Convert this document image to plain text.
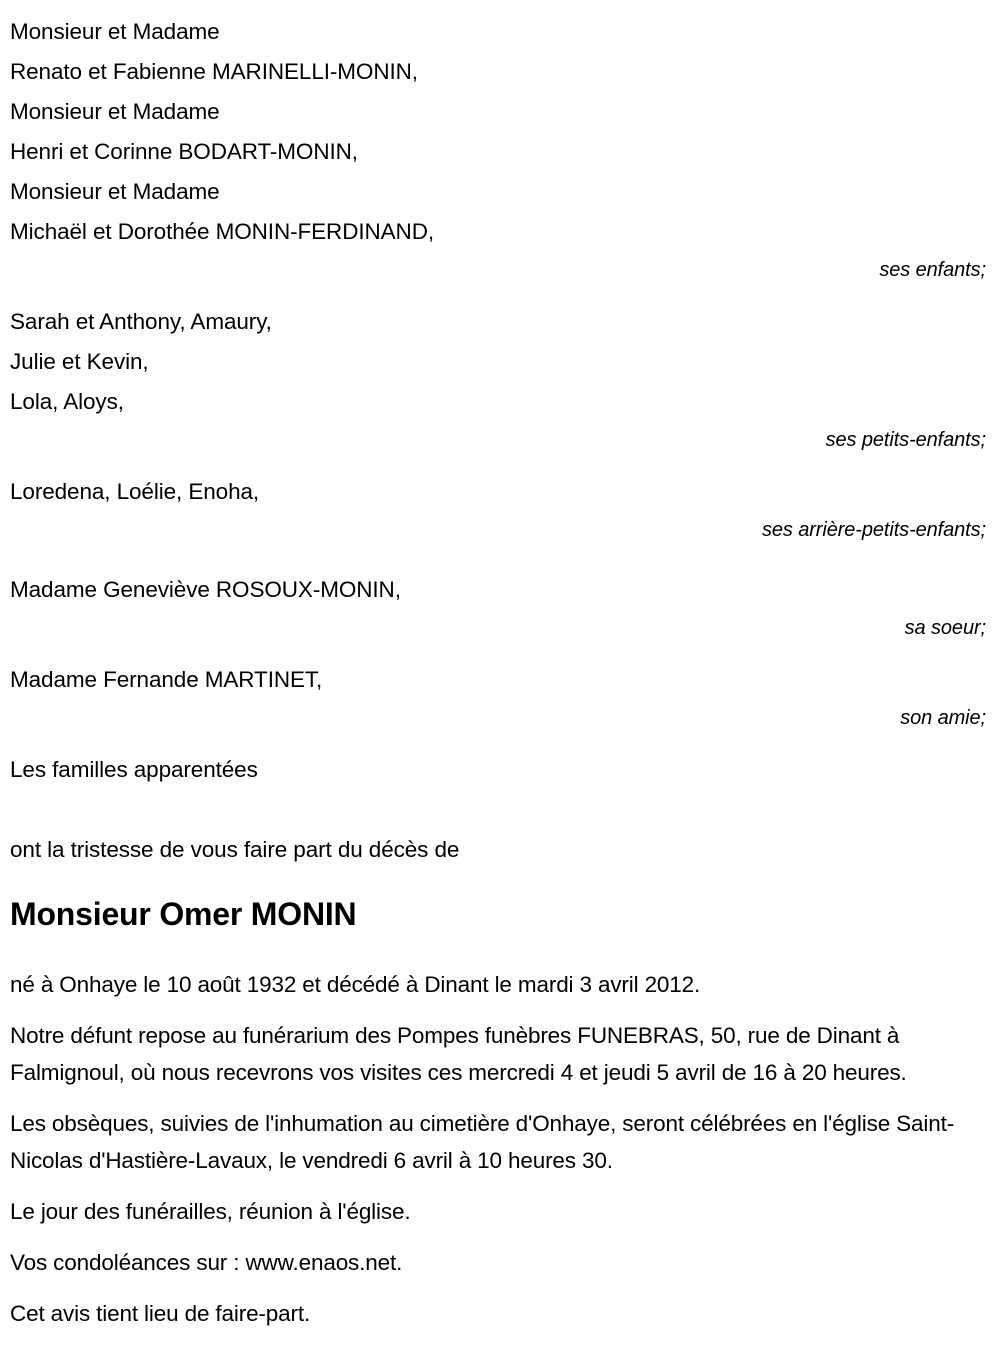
Monsieur et Madame
Renato et Fabienne MARINELLI-MONIN,
Monsieur et Madame
Henri et Corinne BODART-MONIN,
Monsieur et Madame
Michaël et Dorothée MONIN-FERDINAND,
ses enfants;
Sarah et Anthony, Amaury,
Julie et Kevin,
Lola, Aloys,
ses petits-enfants;
Loredena, Loélie, Enoha,
ses arrière-petits-enfants;
Madame Geneviève ROSOUX-MONIN,
sa soeur;
Madame Fernande MARTINET,
son amie;
Les familles apparentées
ont la tristesse de vous faire part du décès de
Monsieur Omer MONIN

né à Onhaye le 10 août 1932 et décédé à Dinant le mardi 3 avril 2012.

Notre défunt repose au funérarium des Pompes funèbres FUNEBRAS, 50, rue de Dinant à Falmignoul, où nous recevrons vos visites ces mercredi 4 et jeudi 5 avril de 16 à 20 heures.

Les obsèques, suivies de l'inhumation au cimetière d'Onhaye, seront célébrées en l'église Saint-Nicolas d'Hastière-Lavaux, le vendredi 6 avril à 10 heures 30.

Le jour des funérailles, réunion à l'église.

Vos condoléances sur : www.enaos.net.

Cet avis tient lieu de faire-part.
